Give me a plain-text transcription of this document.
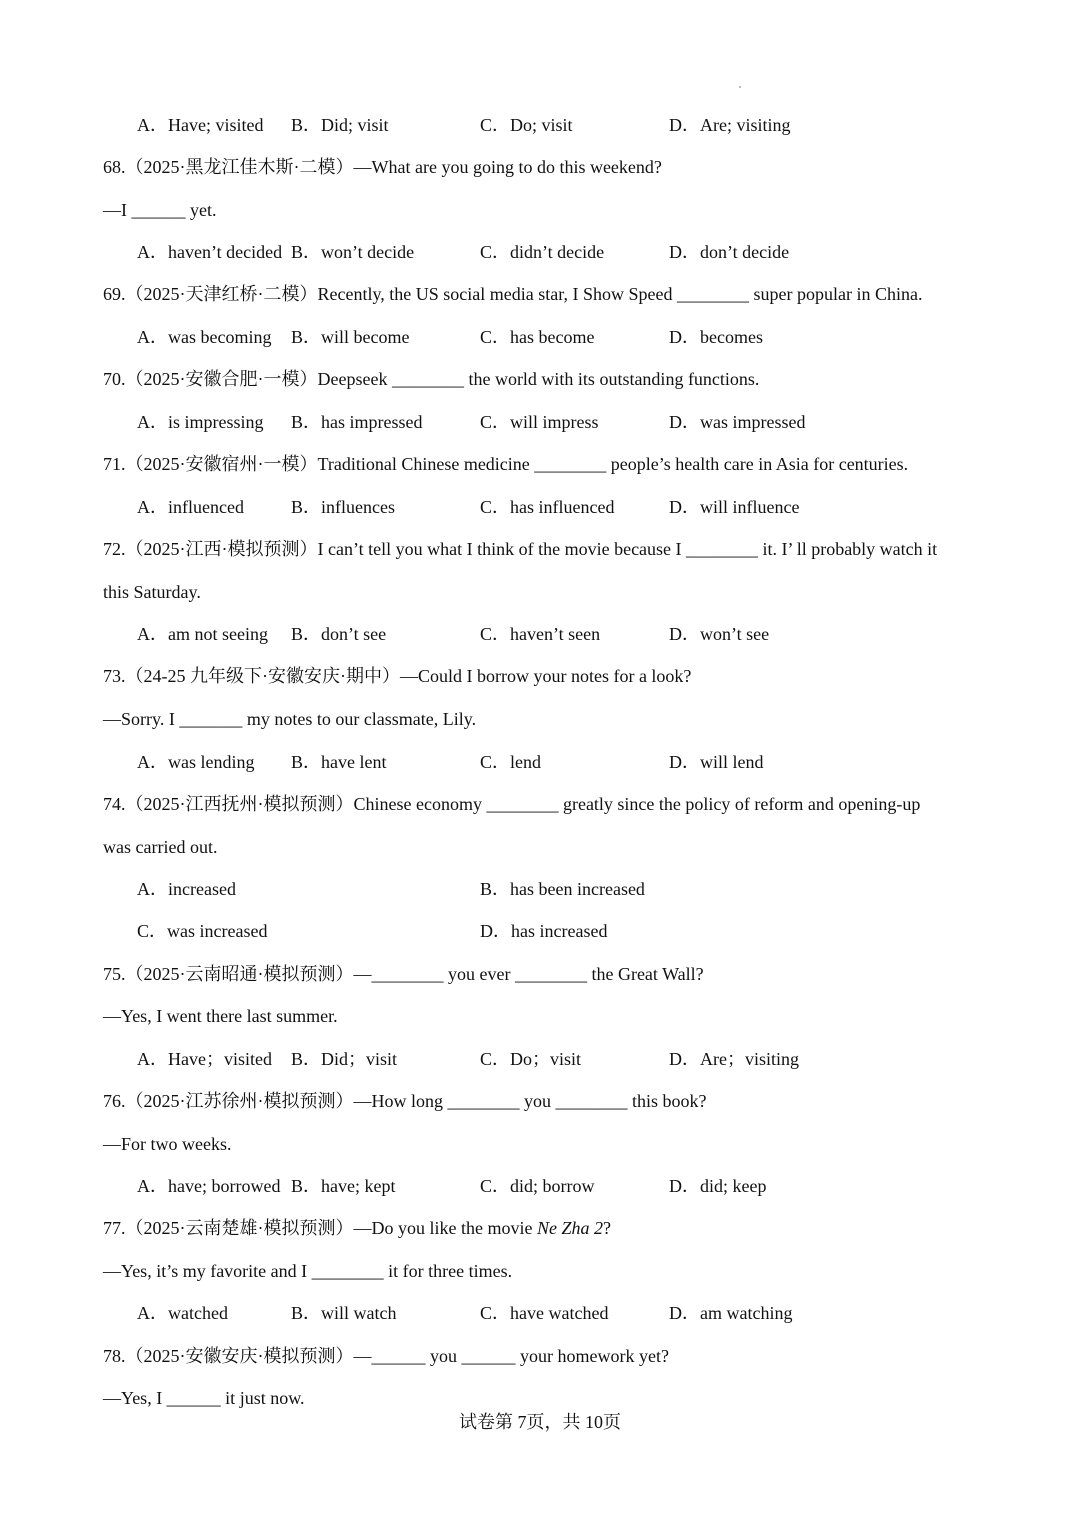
A．Have; visited B．Did; visit	C．Do; visit	D．Are; visiting
68.（2025·黑龙江佳木斯·二模）—What are you going to do this weekend?
—I ______ yet.
A．haven’t decided B．won’t decide	C．didn’t decide	D．don’t decide
69.（2025·天津红桥·二模）Recently, the US social media star, I Show Speed ________ super popular in China.
A．was becoming B．will become	C．has become	D．becomes
70.（2025·安徽合肥·一模）Deepseek ________ the world with its outstanding functions.
A．is impressing B．has impressed	C．will impress	D．was impressed
71.（2025·安徽宿州·一模）Traditional Chinese medicine ________ people’s health care in Asia for centuries.
A．influenced	B．influences	C．has influenced	D．will influence
72.（2025·江西·模拟预测）I can’t tell you what I think of the movie because I ________ it. I’ ll probably watch it
this Saturday.
A．am not seeing B．don’t see	C．haven’t seen	D．won’t see
73.（24-25 九年级下·安徽安庆·期中）—Could I borrow your notes for a look?
—Sorry. I _______ my notes to our classmate, Lily.
A．was lending B．have lent	C．lend	D．will lend
74.（2025·江西抚州·模拟预测）Chinese economy ________ greatly since the policy of reform and opening-up
was carried out.
A．increased	B．has been increased
C．was increased	D．has increased
75.（2025·云南昭通·模拟预测）—________ you ever ________ the Great Wall?
—Yes, I went there last summer.
A．Have；visited B．Did；visit	C．Do；visit	D．Are；visiting
76.（2025·江苏徐州·模拟预测）—How long ________ you ________ this book?
—For two weeks.
A．have; borrowed B．have; kept	C．did; borrow	D．did; keep
77.（2025·云南楚雄·模拟预测）—Do you like the movie Ne Zha 2?
—Yes, it’s my favorite and I ________ it for three times.
A．watched	B．will watch	C．have watched	D．am watching
78.（2025·安徽安庆·模拟预测）—______ you ______ your homework yet?
—Yes, I ______ it just now.
试卷第 7页，共 10页
